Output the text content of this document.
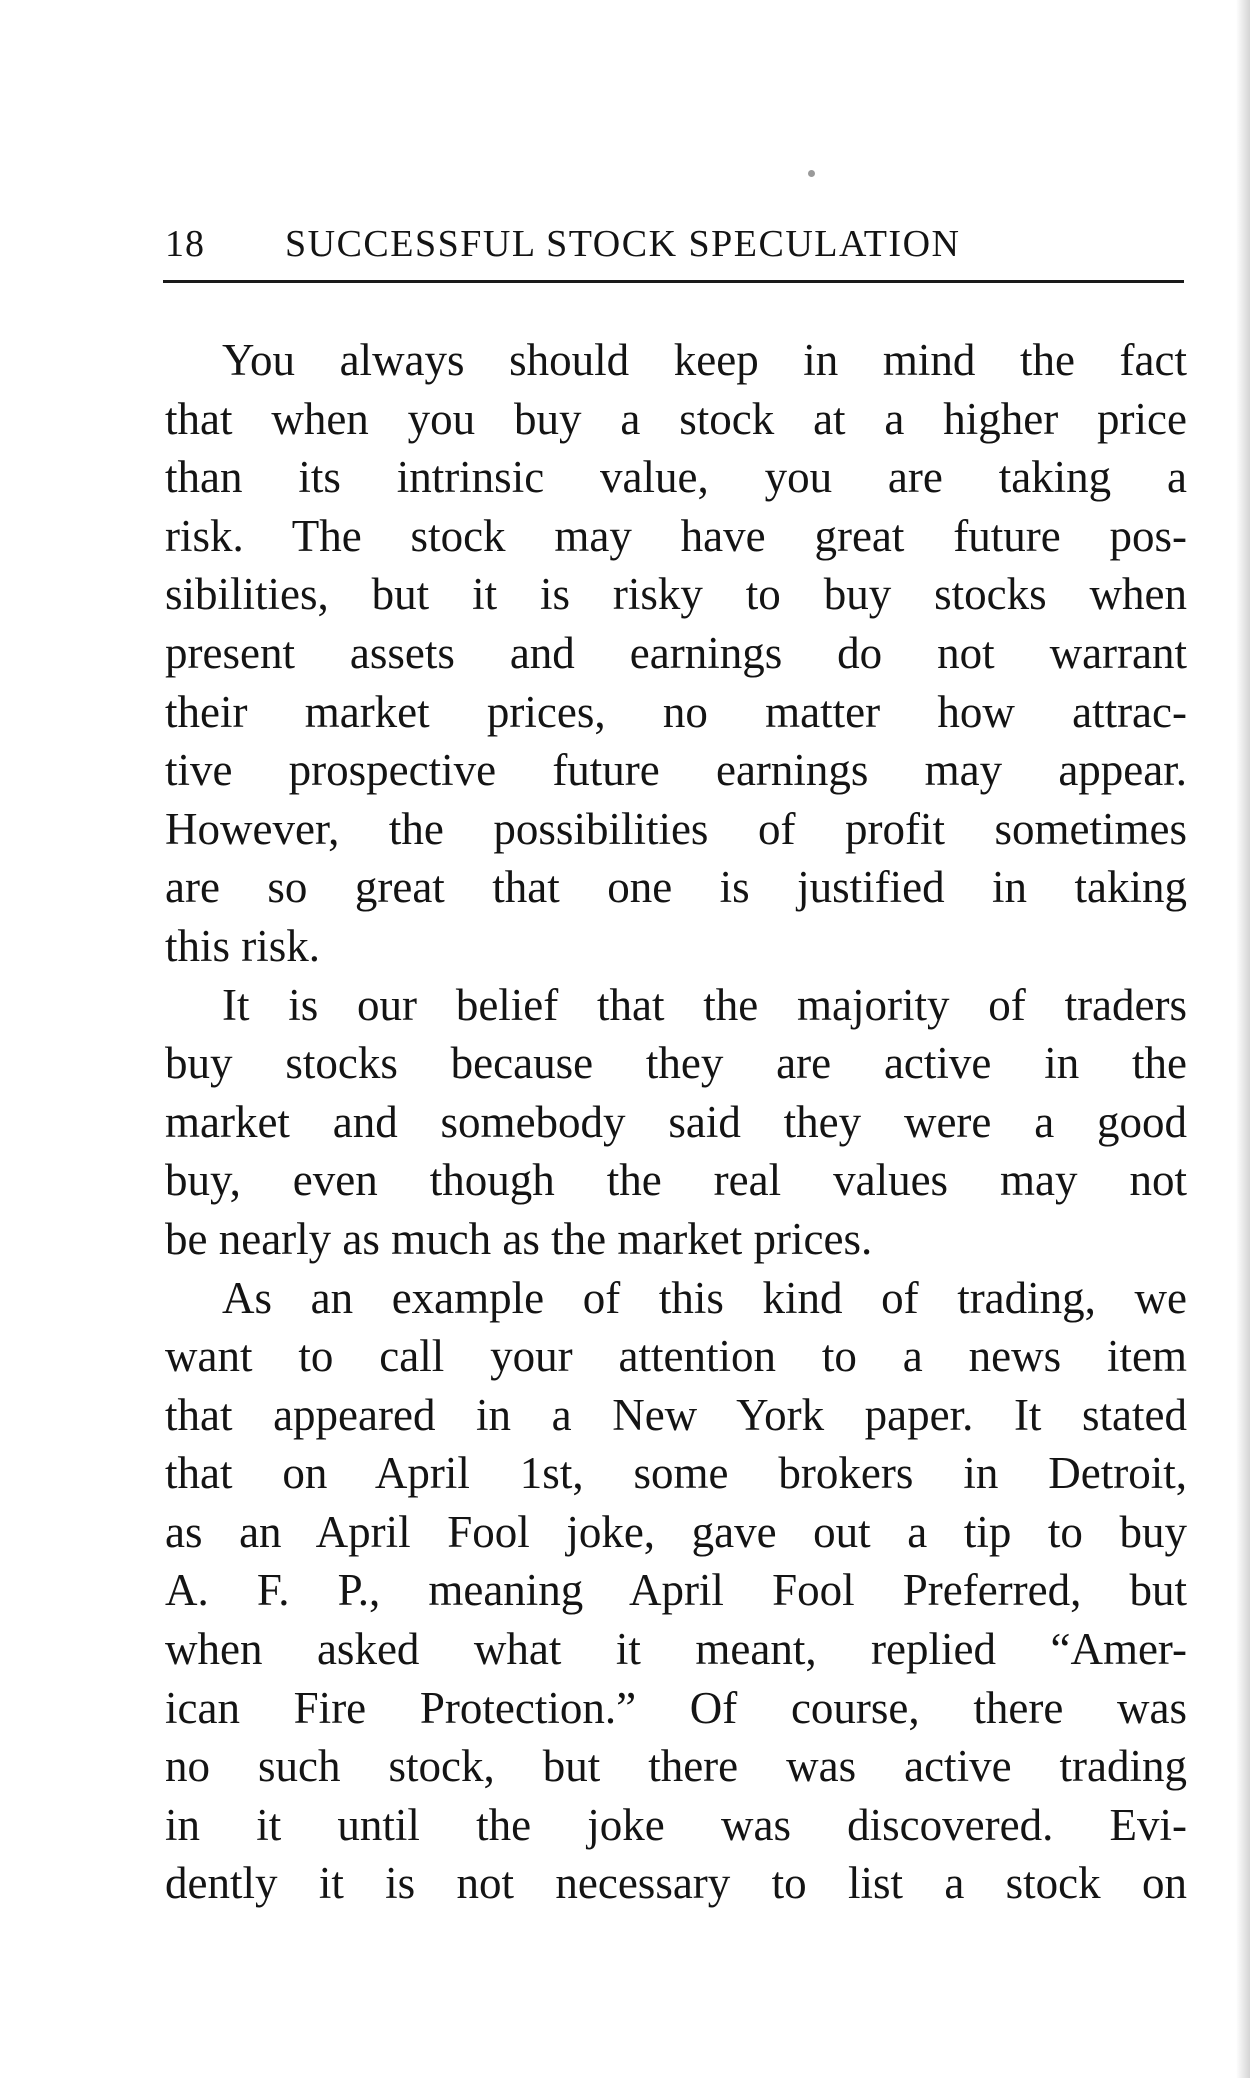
18 SUCCESSFUL STOCK SPECULATION
You always should keep in mind the fact
that when you buy a stock at a higher price
than its intrinsic value, you are taking a
risk. The stock may have great future pos-
sibilities, but it is risky to buy stocks when
present assets and earnings do not warrant
their market prices, no matter how attrac-
tive prospective future earnings may appear.
However, the possibilities of profit sometimes
are so great that one is justified in taking
this risk.
It is our belief that the majority of traders
buy stocks because they are active in the
market and somebody said they were a good
buy, even though the real values may not
be nearly as much as the market prices.
As an example of this kind of trading, we
want to call your attention to a news item
that appeared in a New York paper. It stated
that on April 1st, some brokers in Detroit,
as an April Fool joke, gave out a tip to buy
A. F. P., meaning April Fool Preferred, but
when asked what it meant, replied “Amer-
ican Fire Protection.” Of course, there was
no such stock, but there was active trading
in it until the joke was discovered. Evi-
dently it is not necessary to list a stock on
